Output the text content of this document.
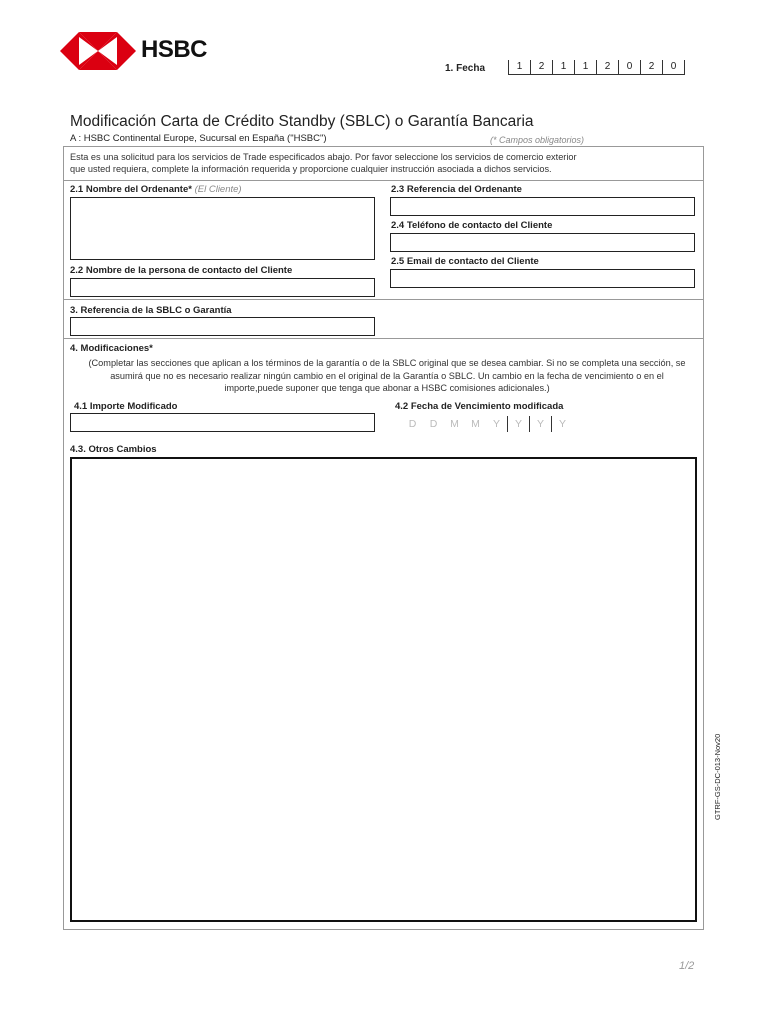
HSBC
1. Fecha	1	2	1	1	2	0	2	0
Modificación Carta de Crédito Standby (SBLC) o Garantía Bancaria
A : HSBC Continental Europe, Sucursal en España ("HSBC")	(* Campos obligatorios)
Esta es una solicitud para los servicios de Trade especificados abajo. Por favor seleccione los servicios de comercio exterior
que usted requiera, complete la información requerida y proporcione cualquier instrucción asociada a dichos servicios.
2.1 Nombre del Ordenante* (El Cliente)
2.2 Nombre de la persona de contacto del Cliente
2.3 Referencia del Ordenante
2.4 Teléfono de contacto del Cliente
2.5 Email de contacto del Cliente
3. Referencia de la SBLC o Garantía
4. Modificaciones*
(Completar las secciones que aplican a los términos de la garantía o de la SBLC original que se desea cambiar. Si no se completa una sección, se asumirá que no es necesario realizar ningún cambio en el original de la Garantía o SBLC. Un cambio en la fecha de vencimiento o en el importe,puede suponer que tenga que abonar a HSBC comisiones adicionales.)
4.1 Importe Modificado	4.2 Fecha de Vencimiento modificada
D	D	M	M	Y	Y	Y	Y
4.3. Otros Cambios
GTRF-GS-DC-013-Nov20
1/2
